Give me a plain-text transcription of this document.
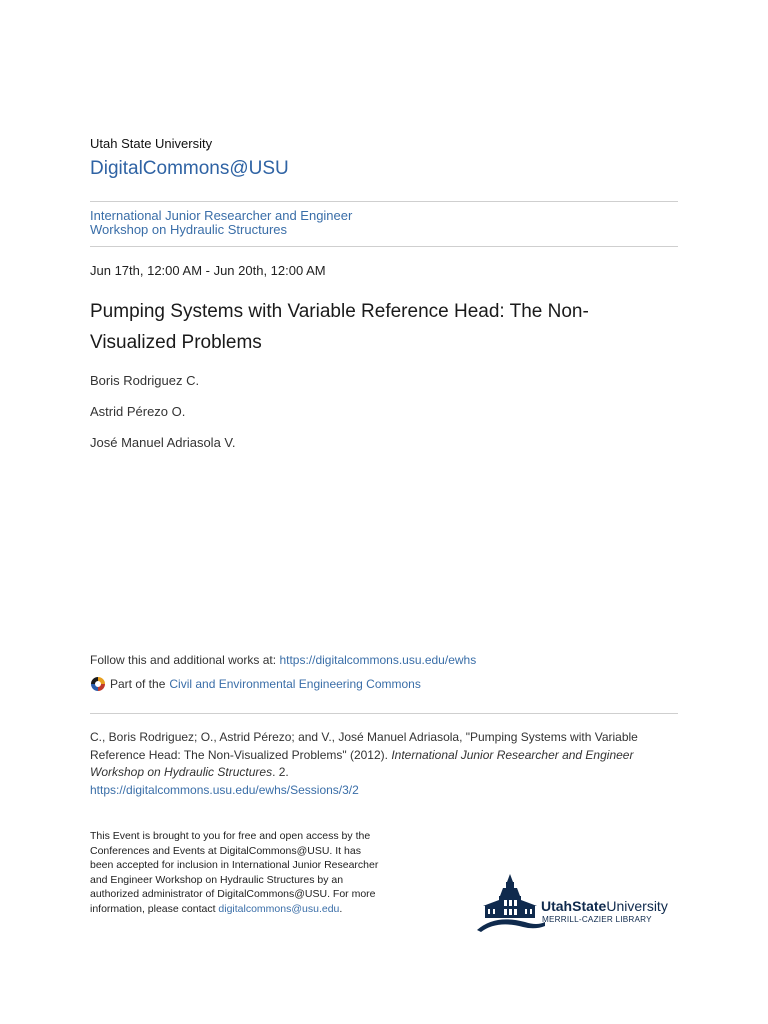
Utah State University
DigitalCommons@USU
International Junior Researcher and Engineer
Workshop on Hydraulic Structures
Jun 17th, 12:00 AM - Jun 20th, 12:00 AM
Pumping Systems with Variable Reference Head: The Non-
Visualized Problems
Boris Rodriguez C.
Astrid Pérezo O.
José Manuel Adriasola V.
Follow this and additional works at: https://digitalcommons.usu.edu/ewhs
Part of the Civil and Environmental Engineering Commons
C., Boris Rodriguez; O., Astrid Pérezo; and V., José Manuel Adriasola, "Pumping Systems with Variable Reference Head: The Non-Visualized Problems" (2012). International Junior Researcher and Engineer Workshop on Hydraulic Structures. 2.
https://digitalcommons.usu.edu/ewhs/Sessions/3/2
This Event is brought to you for free and open access by the Conferences and Events at DigitalCommons@USU. It has been accepted for inclusion in International Junior Researcher and Engineer Workshop on Hydraulic Structures by an authorized administrator of DigitalCommons@USU. For more information, please contact digitalcommons@usu.edu.	UtahStateUniversity
MERRILL-CAZIER LIBRARY
